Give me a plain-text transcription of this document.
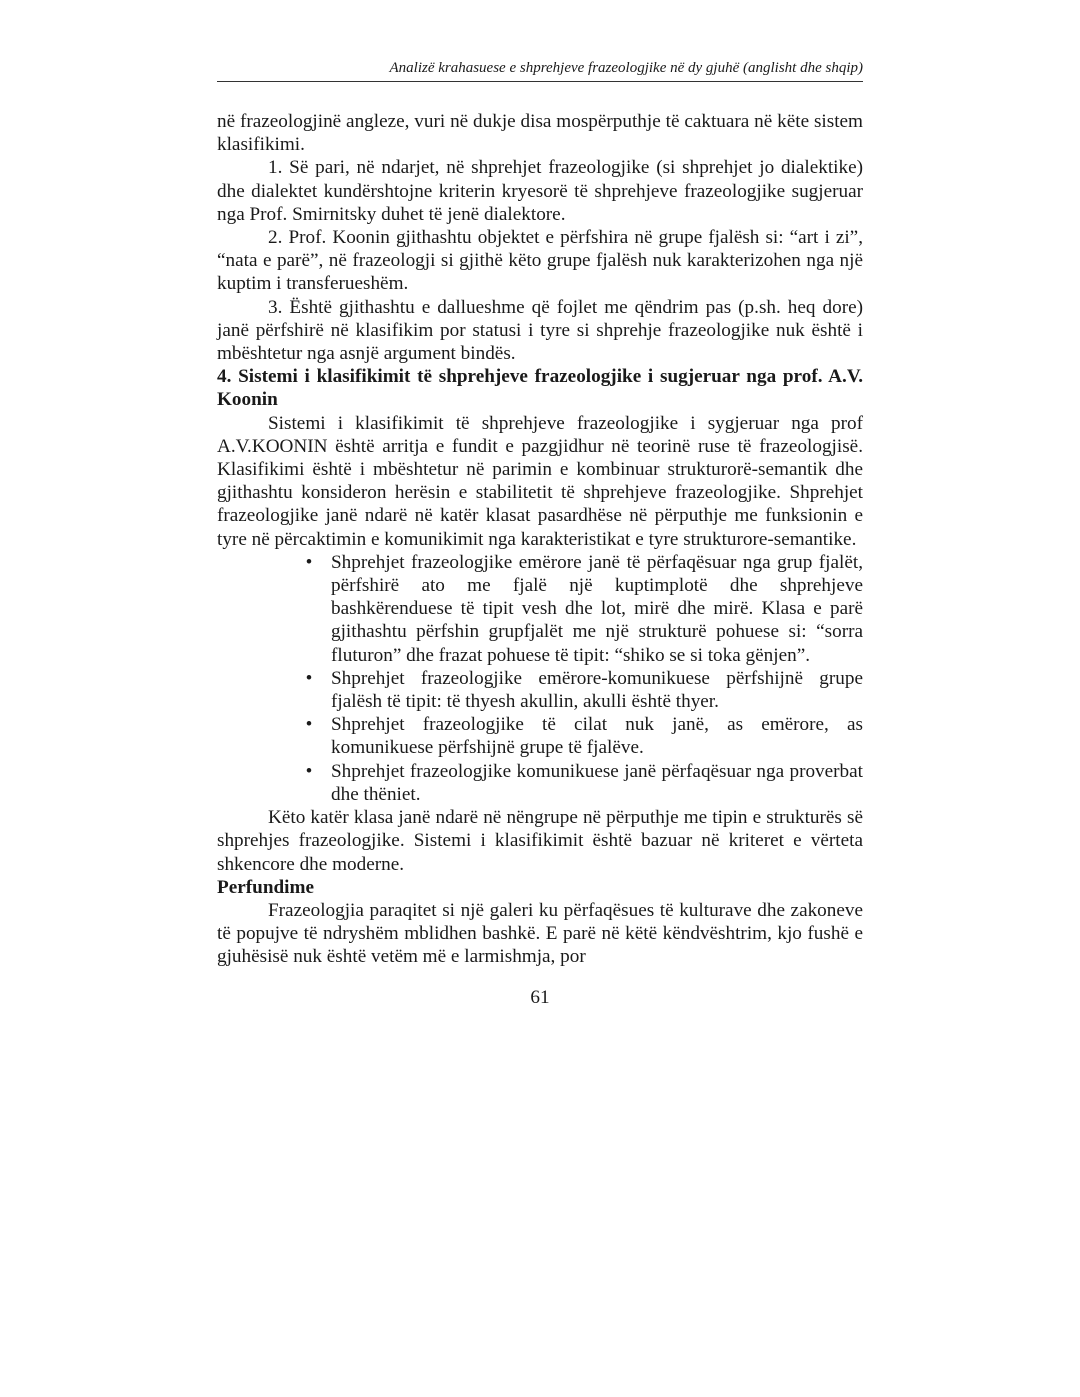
Analizë krahasuese e shprehjeve frazeologjike në dy gjuhë (anglisht dhe shqip)

në frazeologjinë angleze, vuri në dukje disa mospërputhje të caktuara në këte sistem klasifikimi.

1. Së pari, në ndarjet, në shprehjet frazeologjike (si shprehjet jo dialektike) dhe dialektet kundërshtojne kriterin kryesorë të shprehjeve frazeologjike sugjeruar nga Prof. Smirnitsky duhet të jenë dialektore.

2. Prof. Koonin gjithashtu objektet e përfshira në grupe fjalësh si: “art i zi”, “nata e parë”, në frazeologji si gjithë këto grupe fjalësh nuk karakterizohen nga një kuptim i transferueshëm.

3. Është gjithashtu e dallueshme që fojlet me qëndrim pas (p.sh. heq dore) janë përfshirë në klasifikim por statusi i tyre si shprehje frazeologjike nuk është i mbështetur nga asnjë argument bindës.

4. Sistemi i klasifikimit të shprehjeve frazeologjike i sugjeruar nga prof. A.V. Koonin

Sistemi i klasifikimit të shprehjeve frazeologjike i sygjeruar nga prof A.V.KOONIN është arritja e fundit e pazgjidhur në teorinë ruse të frazeologjisë. Klasifikimi është i mbështetur në parimin e kombinuar strukturorë-semantik dhe gjithashtu konsideron herësin e stabilitetit të shprehjeve frazeologjike. Shprehjet frazeologjike janë ndarë në katër klasat pasardhëse në përputhje me funksionin e tyre në përcaktimin e komunikimit nga karakteristikat e tyre strukturore-semantike.

• Shprehjet frazeologjike emërore janë të përfaqësuar nga grup fjalët, përfshirë ato me fjalë një kuptimplotë dhe shprehjeve bashkërenduese të tipit vesh dhe lot, mirë dhe mirë. Klasa e parë gjithashtu përfshin grupfjalët me një strukturë pohuese si: “sorra fluturon” dhe frazat pohuese të tipit: “shiko se si toka gënjen”.
• Shprehjet frazeologjike emërore-komunikuese përfshijnë grupe fjalësh të tipit: të thyesh akullin, akulli është thyer.
• Shprehjet frazeologjike të cilat nuk janë, as emërore, as komunikuese përfshijnë grupe të fjalëve.
• Shprehjet frazeologjike komunikuese janë përfaqësuar nga proverbat dhe thëniet.

Këto katër klasa janë ndarë në nëngrupe në përputhje me tipin e strukturës së shprehjes frazeologjike. Sistemi i klasifikimit është bazuar në kriteret e vërteta shkencore dhe moderne.

Perfundime

Frazeologjia paraqitet si një galeri ku përfaqësues të kulturave dhe zakoneve të popujve të ndryshëm mblidhen bashkë. E parë në këtë këndvështrim, kjo fushë e gjuhësisë nuk është vetëm më e larmishmja, por

61
